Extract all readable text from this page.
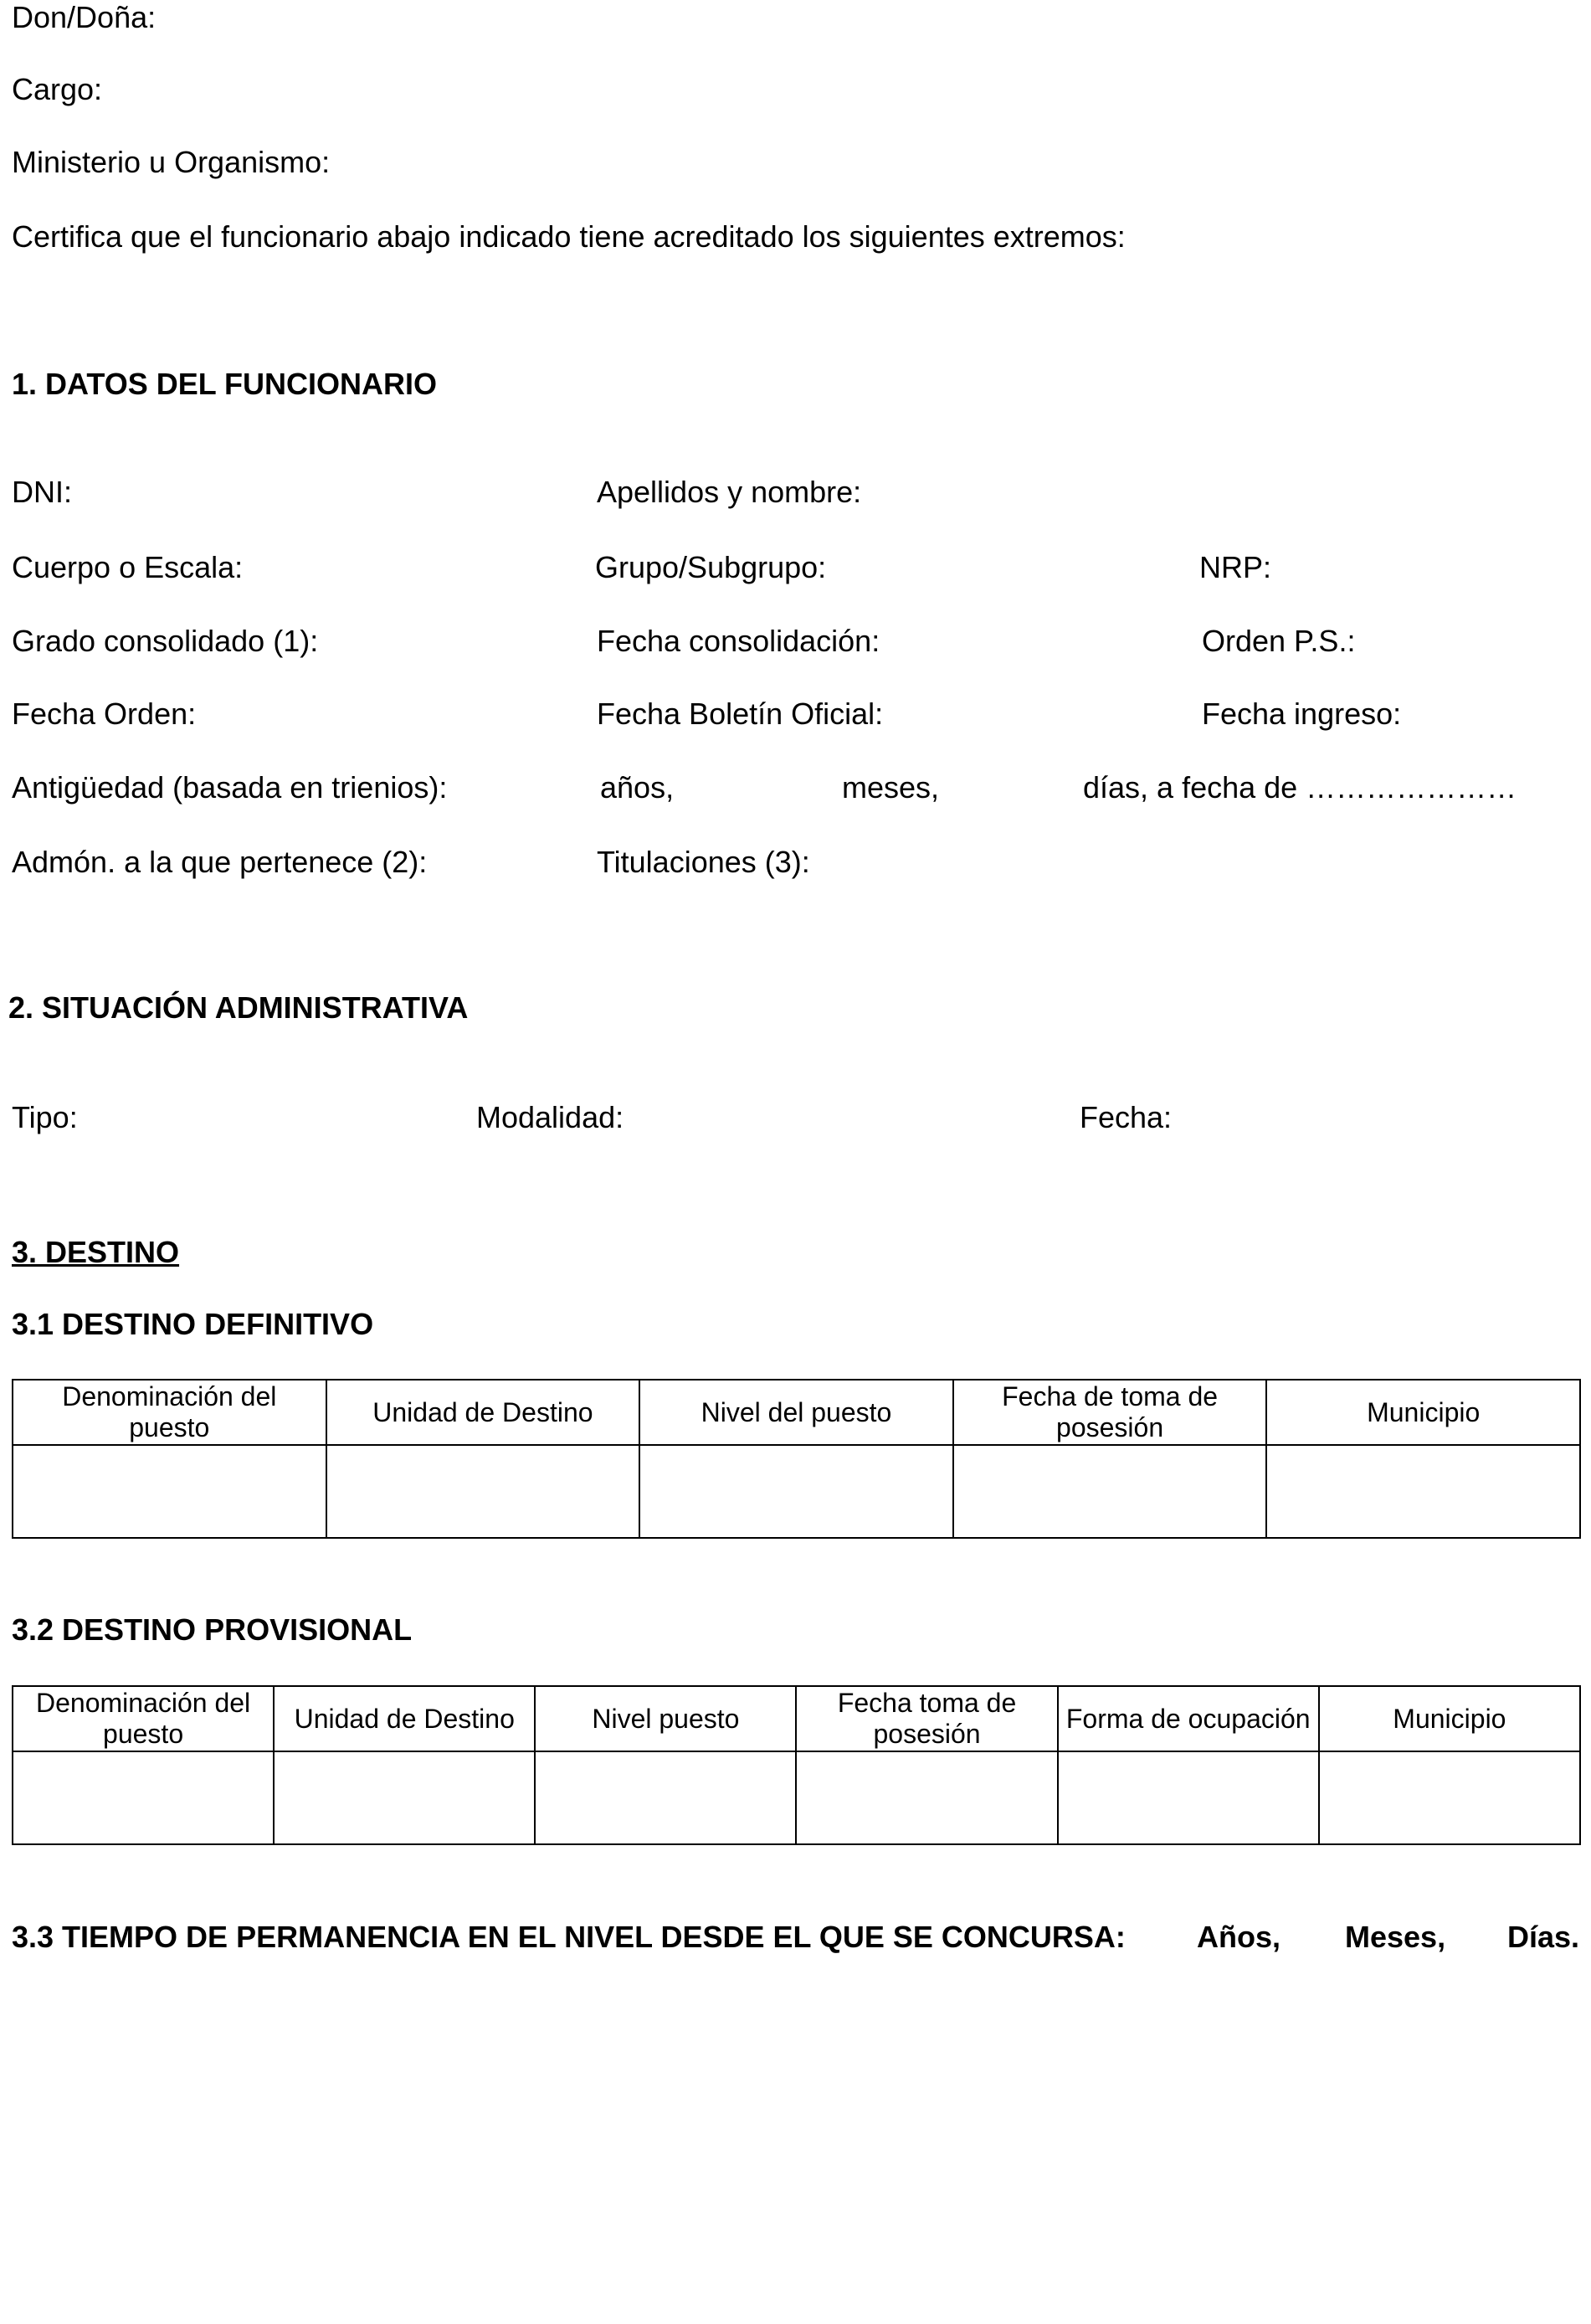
Don/Doña:
Cargo:
Ministerio u Organismo:
Certifica que el funcionario abajo indicado tiene acreditado los siguientes extremos:
1. DATOS DEL FUNCIONARIO
DNI:	Apellidos y nombre:
Cuerpo o Escala:	Grupo/Subgrupo:	NRP:
Grado consolidado (1):	Fecha consolidación:	Orden P.S.:
Fecha Orden:	Fecha Boletín Oficial:	Fecha ingreso:
Antigüedad (basada en trienios):	años,	meses,	días, a fecha de …………………
Admón. a la que pertenece (2):	Titulaciones (3):
2. SITUACIÓN ADMINISTRATIVA
Tipo:	Modalidad:	Fecha:
3. DESTINO
3.1 DESTINO DEFINITIVO
Denominación del puesto	Unidad de Destino	Nivel del puesto	Fecha de toma de posesión	Municipio

3.2 DESTINO PROVISIONAL
Denominación del puesto	Unidad de Destino	Nivel puesto	Fecha toma de posesión	Forma de ocupación	Municipio

3.3 TIEMPO DE PERMANENCIA EN EL NIVEL DESDE EL QUE SE CONCURSA: Años, Meses, Días.
